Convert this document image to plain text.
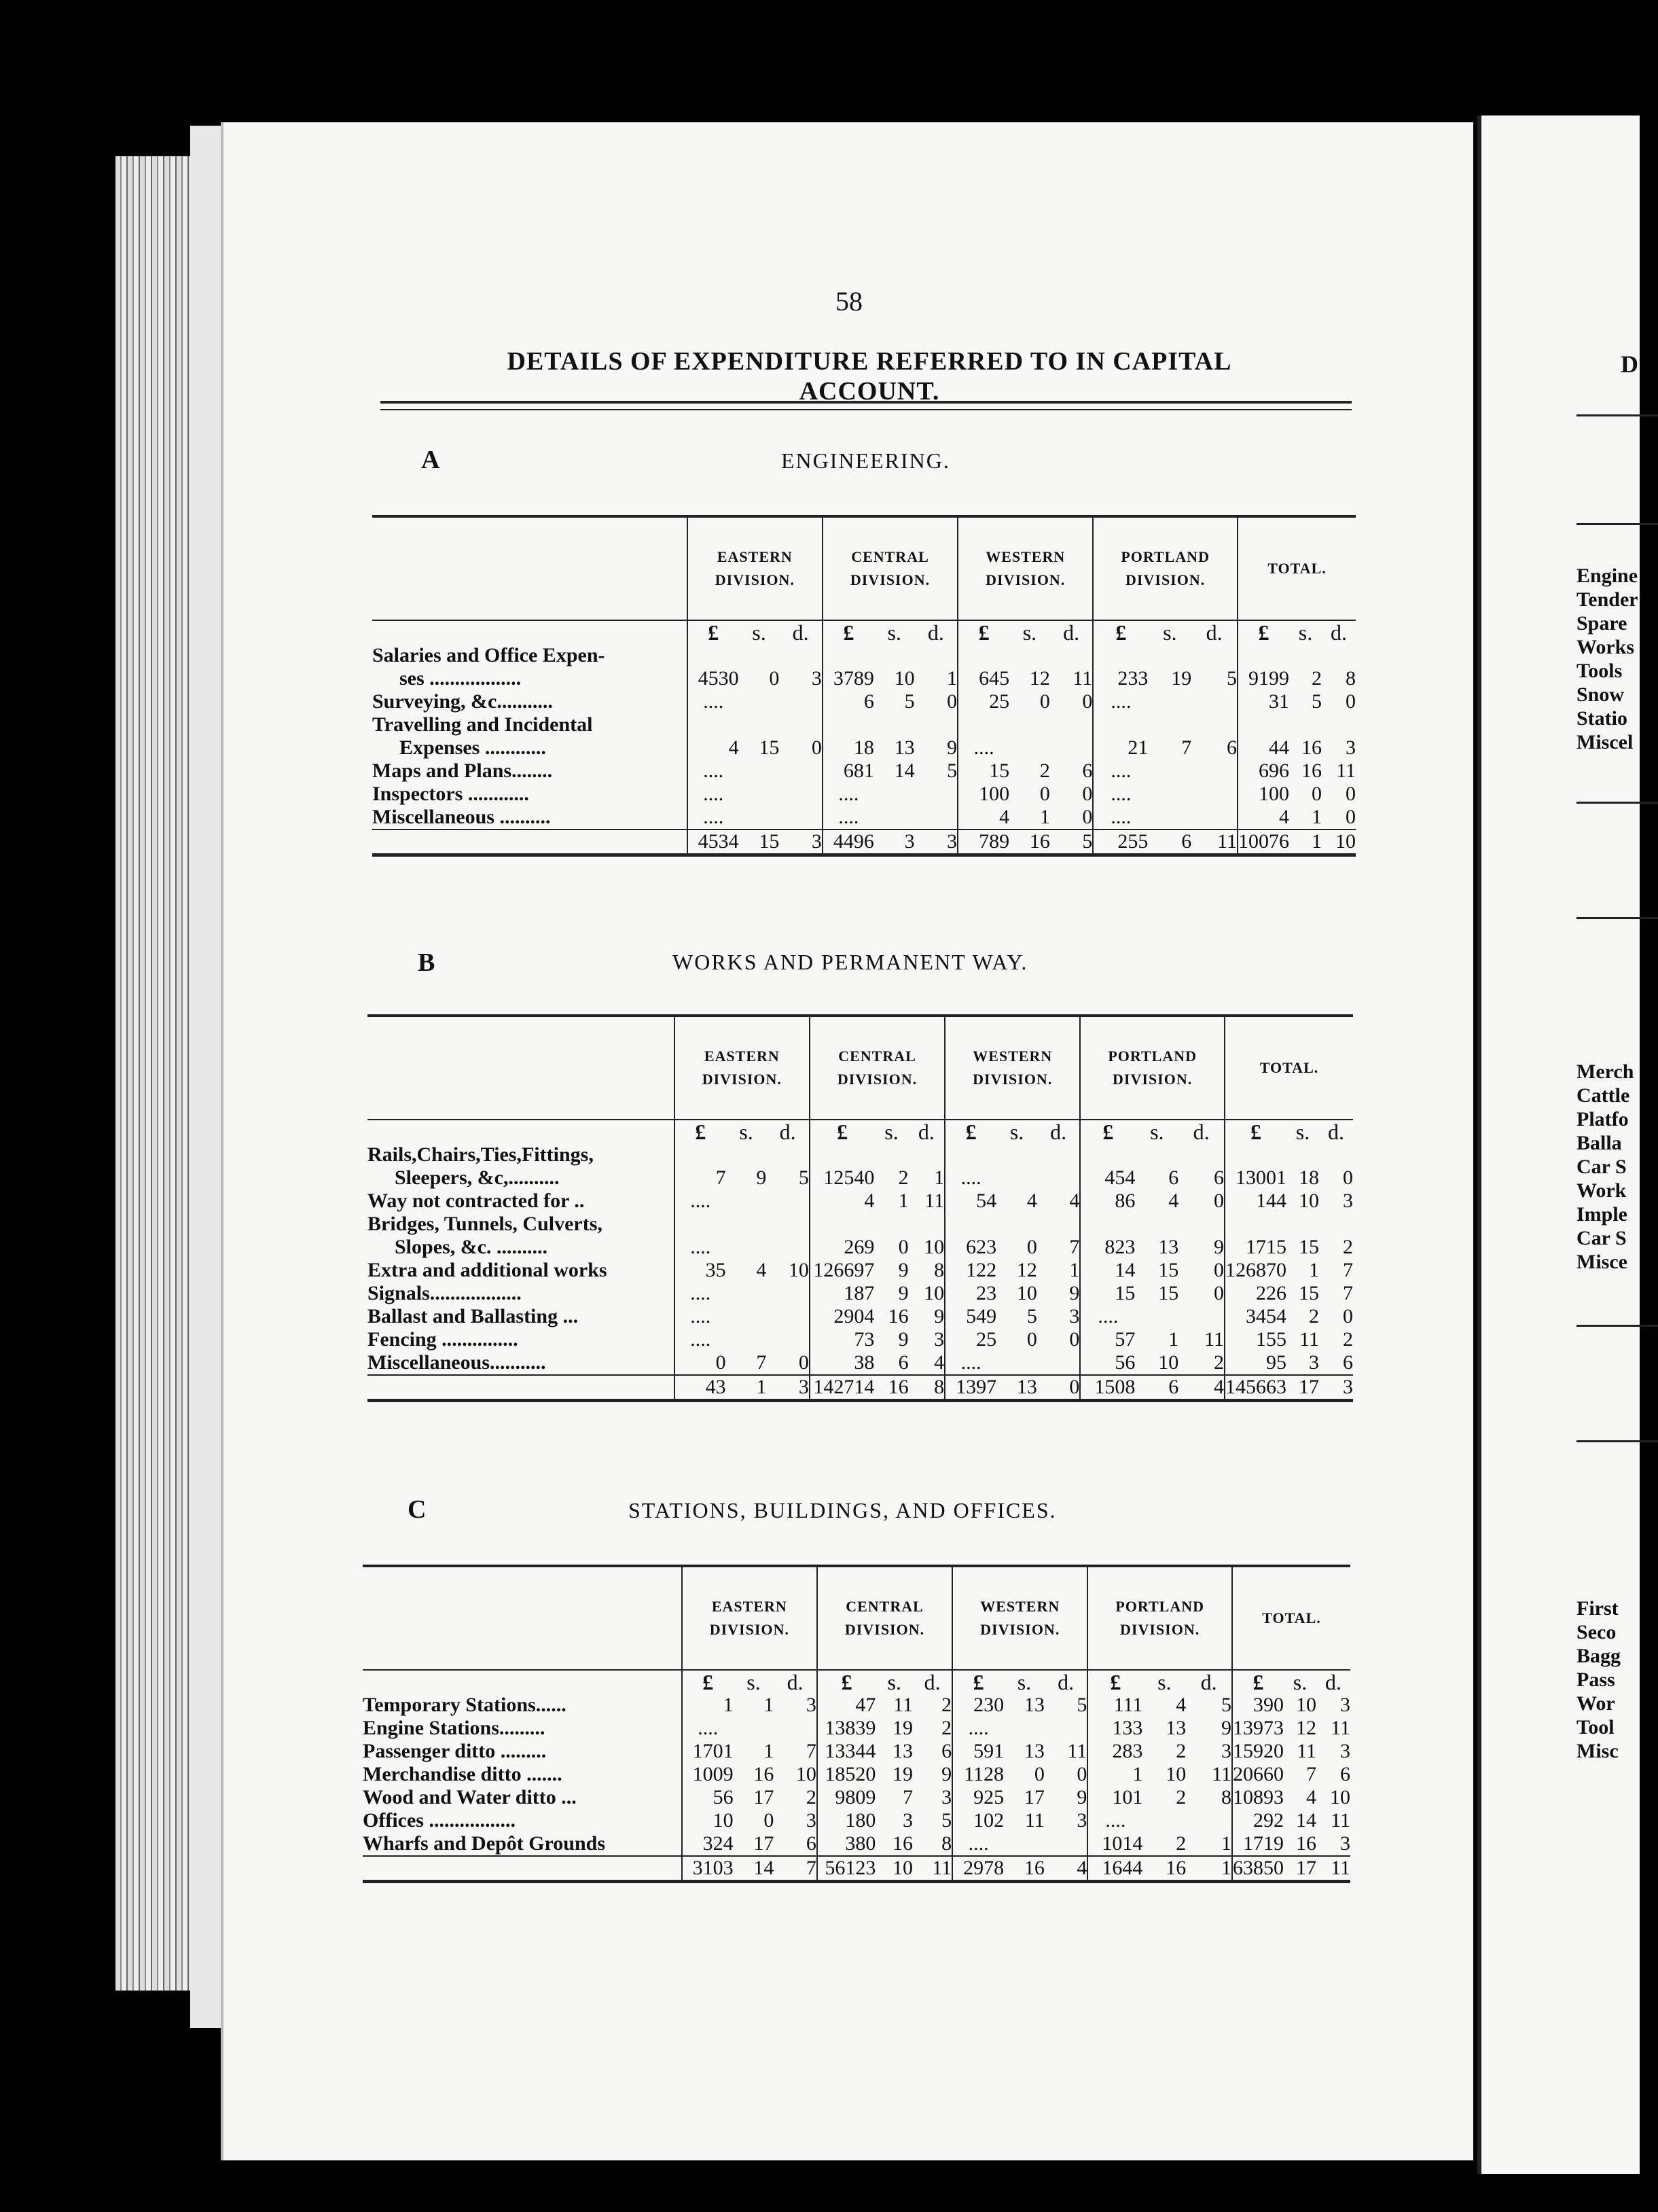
D
Engine
Tender
Spare
Works
Tools
Snow
Statio
Miscel
Merch
Cattle
Platfo
Balla
Car S
Work
Imple
Car S
Misce
First
Seco
Bagg
Pass
Wor
Tool
Misc
58
DETAILS OF EXPENDITURE REFERRED TO IN CAPITAL ACCOUNT.
A	ENGINEERING.
	EASTERN DIVISION.			CENTRAL DIVISION.			WESTERN DIVISION.			PORTLAND DIVISION.			TOTAL.		
	£	s.	d.	£	s.	d.	£	s.	d.	£	s.	d.	£	s.	d.
Salaries and Office Expen-															
ses ..................	4530	0	3	3789	10	1	645	12	11	233	19	5	9199	2	8
Surveying, &c...........	....			6	5	0	25	0	0	....			31	5	0
Travelling and Incidental															
Expenses ............	4	15	0	18	13	9	....			21	7	6	44	16	3
Maps and Plans........	....			681	14	5	15	2	6	....			696	16	11
Inspectors ............	....			....			100	0	0	....			100	0	0
Miscellaneous ..........	....			....			4	1	0	....			4	1	0
	4534	15	3	4496	3	3	789	16	5	255	6	11	10076	1	10
B	WORKS AND PERMANENT WAY.
	EASTERN DIVISION.			CENTRAL DIVISION.			WESTERN DIVISION.			PORTLAND DIVISION.			TOTAL.		
	£	s.	d.	£	s.	d.	£	s.	d.	£	s.	d.	£	s.	d.
Rails,Chairs,Ties,Fittings,															
Sleepers, &c,..........	7	9	5	12540	2	1	....			454	6	6	13001	18	0
Way not contracted for ..	....			4	1	11	54	4	4	86	4	0	144	10	3
Bridges, Tunnels, Culverts,															
Slopes, &c. ..........	....			269	0	10	623	0	7	823	13	9	1715	15	2
Extra and additional works	35	4	10	126697	9	8	122	12	1	14	15	0	126870	1	7
Signals..................	....			187	9	10	23	10	9	15	15	0	226	15	7
Ballast and Ballasting ...	....			2904	16	9	549	5	3	....			3454	2	0
Fencing ...............	....			73	9	3	25	0	0	57	1	11	155	11	2
Miscellaneous...........	0	7	0	38	6	4	....			56	10	2	95	3	6
	43	1	3	142714	16	8	1397	13	0	1508	6	4	145663	17	3
C	STATIONS, BUILDINGS, AND OFFICES.
	EASTERN DIVISION.			CENTRAL DIVISION.			WESTERN DIVISION.			PORTLAND DIVISION.			TOTAL.		
	£	s.	d.	£	s.	d.	£	s.	d.	£	s.	d.	£	s.	d.
Temporary Stations......	1	1	3	47	11	2	230	13	5	111	4	5	390	10	3
Engine Stations.........	....			13839	19	2	....			133	13	9	13973	12	11
Passenger ditto .........	1701	1	7	13344	13	6	591	13	11	283	2	3	15920	11	3
Merchandise ditto .......	1009	16	10	18520	19	9	1128	0	0	1	10	11	20660	7	6
Wood and Water ditto ...	56	17	2	9809	7	3	925	17	9	101	2	8	10893	4	10
Offices .................	10	0	3	180	3	5	102	11	3	....			292	14	11
Wharfs and Depôt Grounds	324	17	6	380	16	8	....			1014	2	1	1719	16	3
	3103	14	7	56123	10	11	2978	16	4	1644	16	1	63850	17	11
